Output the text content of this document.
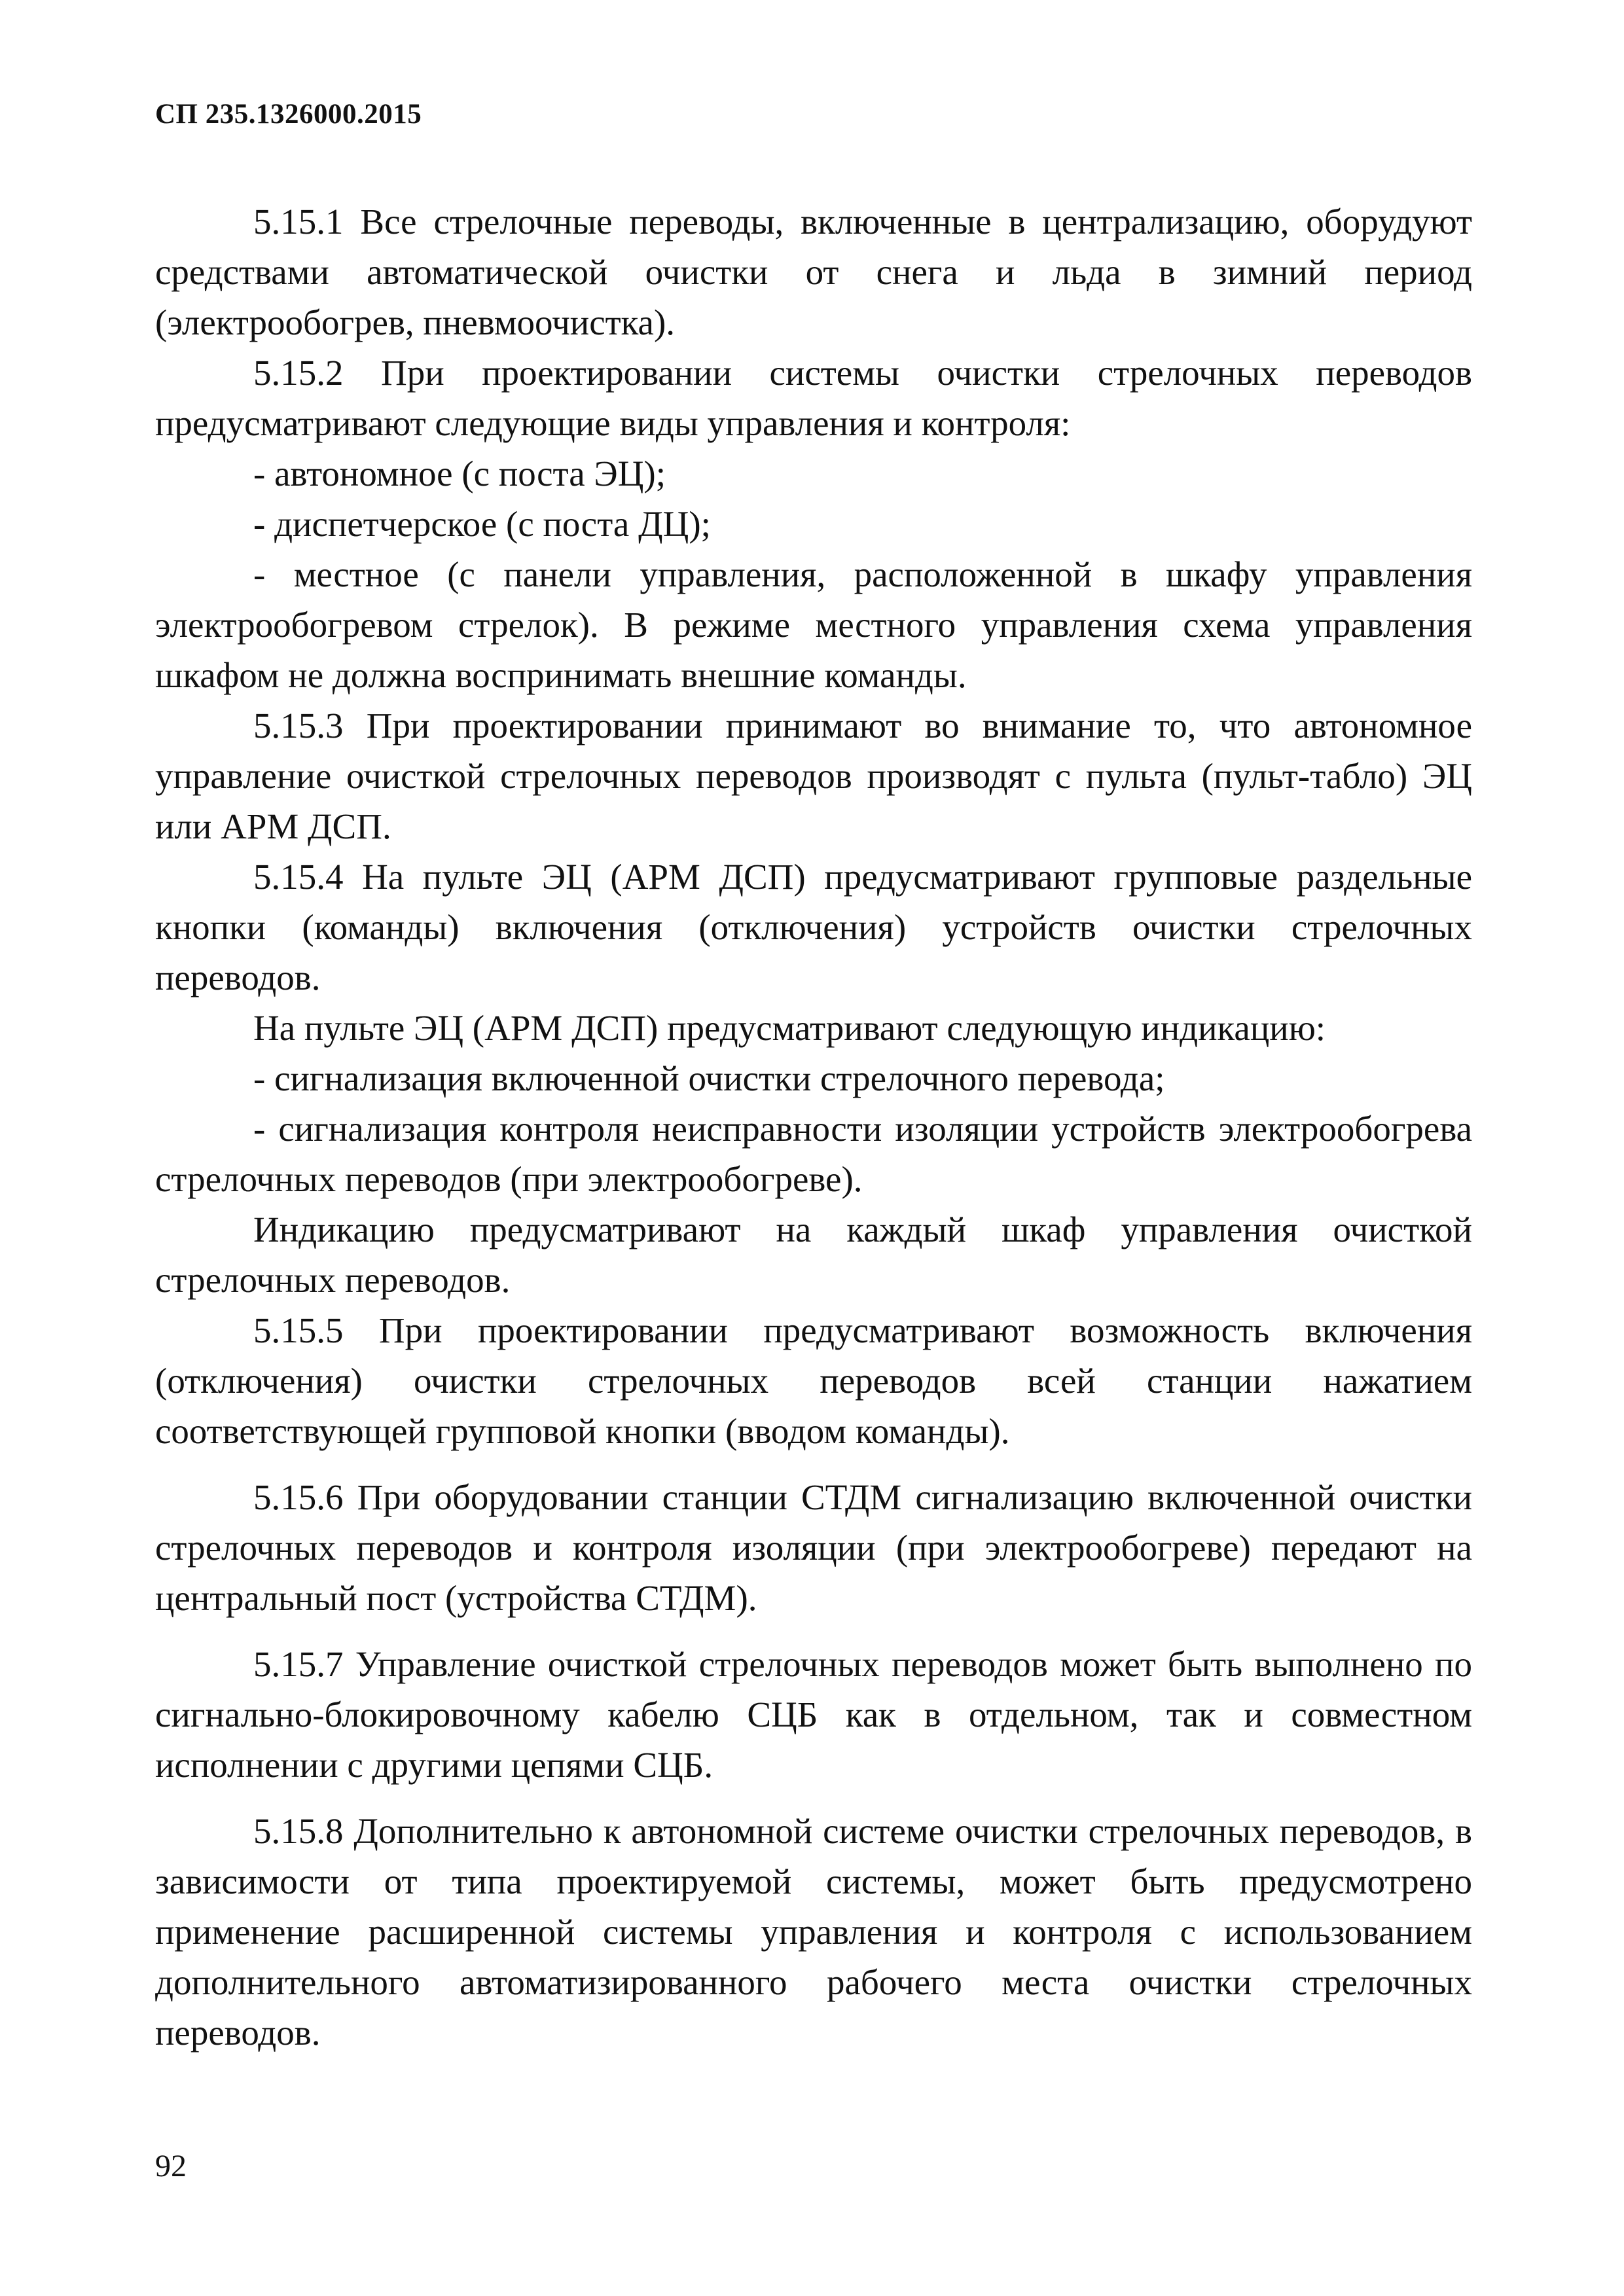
СП 235.1326000.2015

5.15.1 Все стрелочные переводы, включенные в централизацию, оборудуют средствами автоматической очистки от снега и льда в зимний период (электрообогрев, пневмоочистка).

5.15.2 При проектировании системы очистки стрелочных переводов предусматривают следующие виды управления и контроля:

- автономное (с поста ЭЦ);

- диспетчерское (с поста ДЦ);

- местное (с панели управления, расположенной в шкафу управления электрообогревом стрелок). В режиме местного управления схема управления шкафом не должна воспринимать внешние команды.

5.15.3 При проектировании принимают во внимание то, что автономное управление очисткой стрелочных переводов производят с пульта (пульт-табло) ЭЦ или АРМ ДСП.

5.15.4 На пульте ЭЦ (АРМ ДСП) предусматривают групповые раздельные кнопки (команды) включения (отключения) устройств очистки стрелочных переводов.

На пульте ЭЦ (АРМ ДСП) предусматривают следующую индикацию:

- сигнализация включенной очистки стрелочного перевода;

- сигнализация контроля неисправности изоляции устройств электрообогрева стрелочных переводов (при электрообогреве).

Индикацию предусматривают на каждый шкаф управления очисткой стрелочных переводов.

5.15.5 При проектировании предусматривают возможность включения (отключения) очистки стрелочных переводов всей станции нажатием соответствующей групповой кнопки (вводом команды).

5.15.6 При оборудовании станции СТДМ сигнализацию включенной очистки стрелочных переводов и контроля изоляции (при электрообогреве) передают на центральный пост (устройства СТДМ).

5.15.7 Управление очисткой стрелочных переводов может быть выполнено по сигнально-блокировочному кабелю СЦБ как в отдельном, так и совместном исполнении с другими цепями СЦБ.

5.15.8 Дополнительно к автономной системе очистки стрелочных переводов, в зависимости от типа проектируемой системы, может быть предусмотрено применение расширенной системы управления и контроля с использованием дополнительного автоматизированного рабочего места очистки стрелочных переводов.

92
